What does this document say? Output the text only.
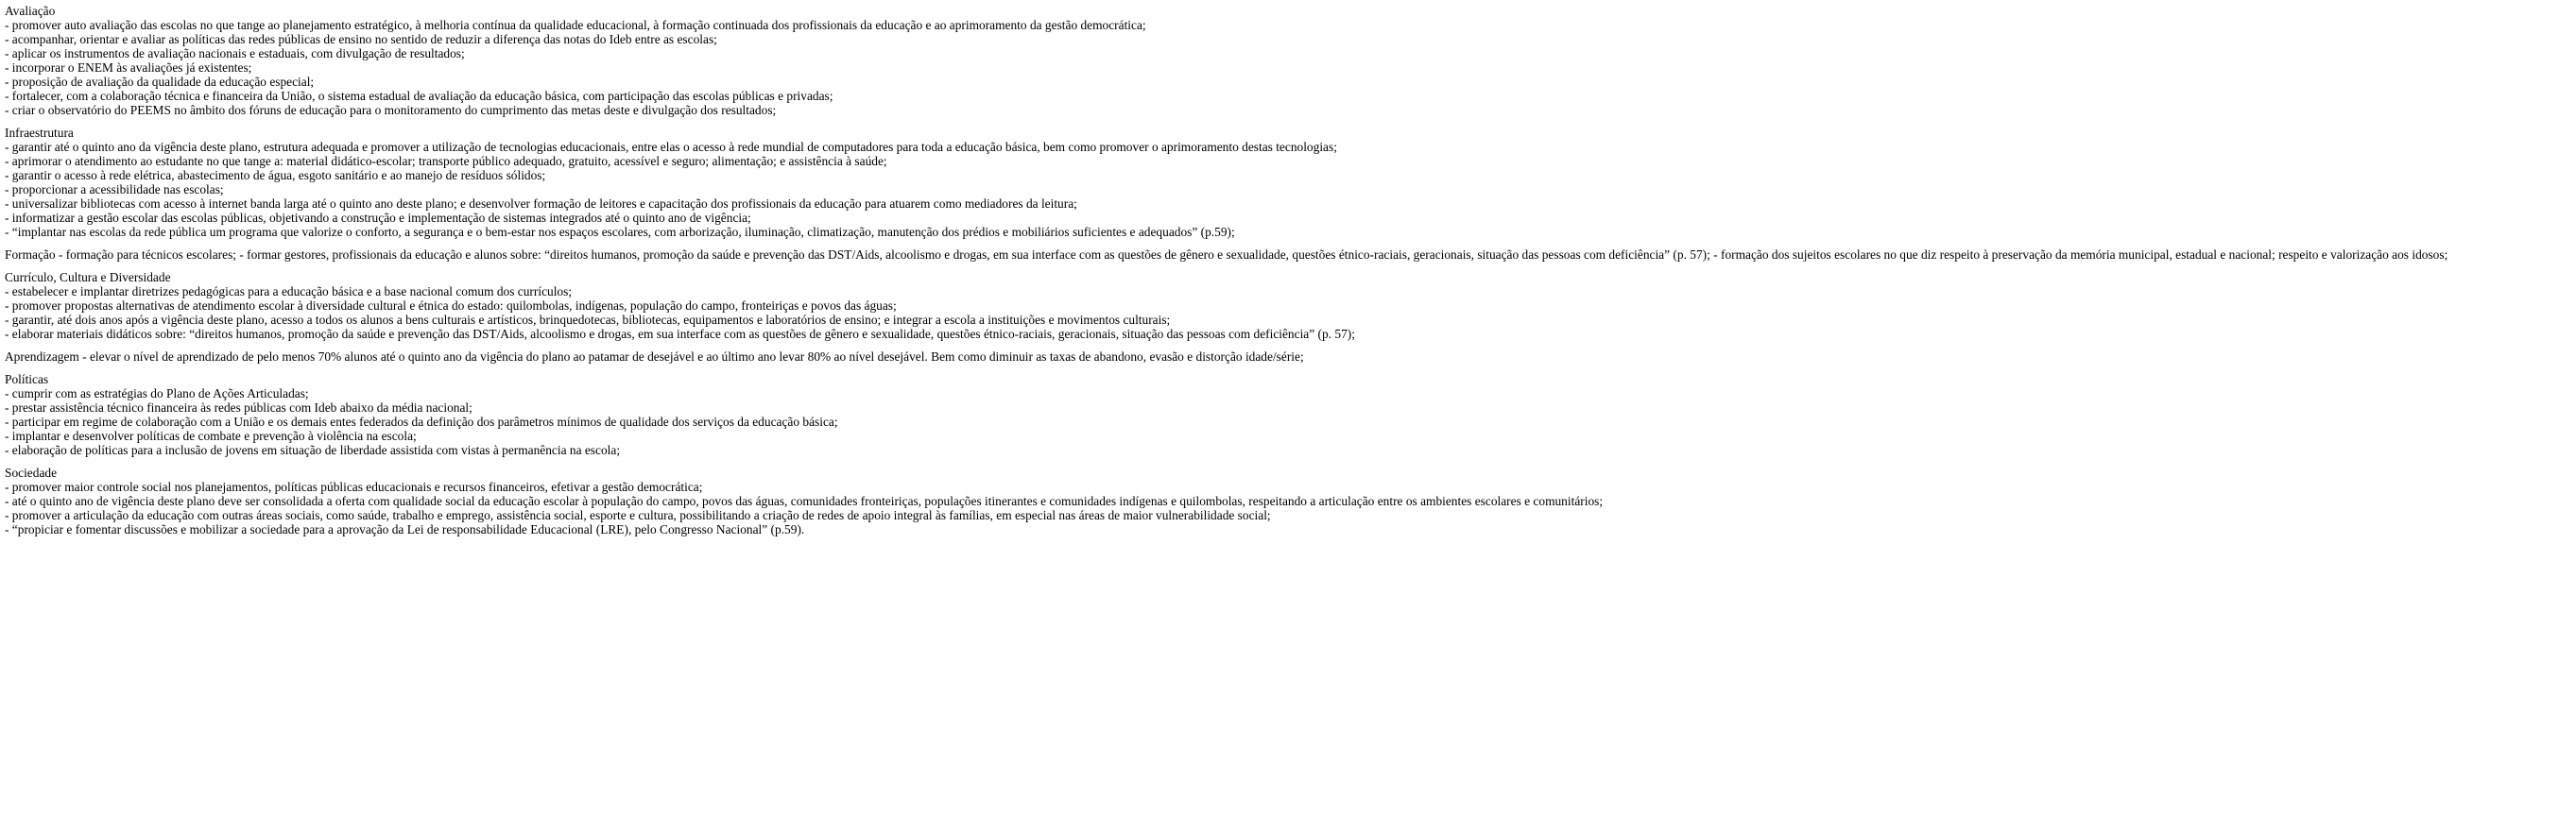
Avaliação
- promover auto avaliação das escolas no que tange ao planejamento estratégico, à melhoria contínua da qualidade educacional, à formação continuada dos profissionais da educação e ao aprimoramento da gestão democrática;
- acompanhar, orientar e avaliar as políticas das redes públicas de ensino no sentido de reduzir a diferença das notas do Ideb entre as escolas;
- aplicar os instrumentos de avaliação nacionais e estaduais, com divulgação de resultados;
- incorporar o ENEM às avaliações já existentes;
- proposição de avaliação da qualidade da educação especial;
- fortalecer, com a colaboração técnica e financeira da União, o sistema estadual de avaliação da educação básica, com participação das escolas públicas e privadas;
- criar o observatório do PEEMS no âmbito dos fóruns de educação para o monitoramento do cumprimento das metas deste e divulgação dos resultados;
Infraestrutura
- garantir até o quinto ano da vigência deste plano, estrutura adequada e promover a utilização de tecnologias educacionais, entre elas o acesso à rede mundial de computadores para toda a educação básica, bem como promover o aprimoramento destas tecnologias;
- aprimorar o atendimento ao estudante no que tange a: material didático-escolar; transporte público adequado, gratuito, acessível e seguro; alimentação; e assistência à saúde;
- garantir o acesso à rede elétrica, abastecimento de água, esgoto sanitário e ao manejo de resíduos sólidos;
- proporcionar a acessibilidade nas escolas;
- universalizar bibliotecas com acesso à internet banda larga até o quinto ano deste plano; e desenvolver formação de leitores e capacitação dos profissionais da educação para atuarem como mediadores da leitura;
- informatizar a gestão escolar das escolas públicas, objetivando a construção e implementação de sistemas integrados até o quinto ano de vigência;
- “implantar nas escolas da rede pública um programa que valorize o conforto, a segurança e o bem-estar nos espaços escolares, com arborização, iluminação, climatização, manutenção dos prédios e mobiliários suficientes e adequados” (p.59);
Formação - formação para técnicos escolares; - formar gestores, profissionais da educação e alunos sobre: “direitos humanos, promoção da saúde e prevenção das DST/Aids, alcoolismo e drogas, em sua interface com as questões de gênero e sexualidade, questões étnico-raciais, geracionais, situação das pessoas com deficiência” (p. 57); - formação dos sujeitos escolares no que diz respeito à preservação da memória municipal, estadual e nacional; respeito e valorização aos idosos;
Currículo, Cultura e Diversidade
- estabelecer e implantar diretrizes pedagógicas para a educação básica e a base nacional comum dos currículos;
- promover propostas alternativas de atendimento escolar à diversidade cultural e étnica do estado: quilombolas, indígenas, população do campo, fronteiriças e povos das águas;
- garantir, até dois anos após a vigência deste plano, acesso a todos os alunos a bens culturais e artísticos, brinquedotecas, bibliotecas, equipamentos e laboratórios de ensino; e integrar a escola a instituições e movimentos culturais;
- elaborar materiais didáticos sobre: “direitos humanos, promoção da saúde e prevenção das DST/Aids, alcoolismo e drogas, em sua interface com as questões de gênero e sexualidade, questões étnico-raciais, geracionais, situação das pessoas com deficiência” (p. 57);
Aprendizagem - elevar o nível de aprendizado de pelo menos 70% alunos até o quinto ano da vigência do plano ao patamar de desejável e ao último ano levar 80% ao nível desejável. Bem como diminuir as taxas de abandono, evasão e distorção idade/série;
Políticas
- cumprir com as estratégias do Plano de Ações Articuladas;
- prestar assistência técnico financeira às redes públicas com Ideb abaixo da média nacional;
- participar em regime de colaboração com a União e os demais entes federados da definição dos parâmetros mínimos de qualidade dos serviços da educação básica;
- implantar e desenvolver políticas de combate e prevenção à violência na escola;
- elaboração de políticas para a inclusão de jovens em situação de liberdade assistida com vistas à permanência na escola;
Sociedade
- promover maior controle social nos planejamentos, políticas públicas educacionais e recursos financeiros, efetivar a gestão democrática;
- até o quinto ano de vigência deste plano deve ser consolidada a oferta com qualidade social da educação escolar à população do campo, povos das águas, comunidades fronteiriças, populações itinerantes e comunidades indígenas e quilombolas, respeitando a articulação entre os ambientes escolares e comunitários;
- promover a articulação da educação com outras áreas sociais, como saúde, trabalho e emprego, assistência social, esporte e cultura, possibilitando a criação de redes de apoio integral às famílias, em especial nas áreas de maior vulnerabilidade social;
- “propiciar e fomentar discussões e mobilizar a sociedade para a aprovação da Lei de responsabilidade Educacional (LRE), pelo Congresso Nacional” (p.59).
